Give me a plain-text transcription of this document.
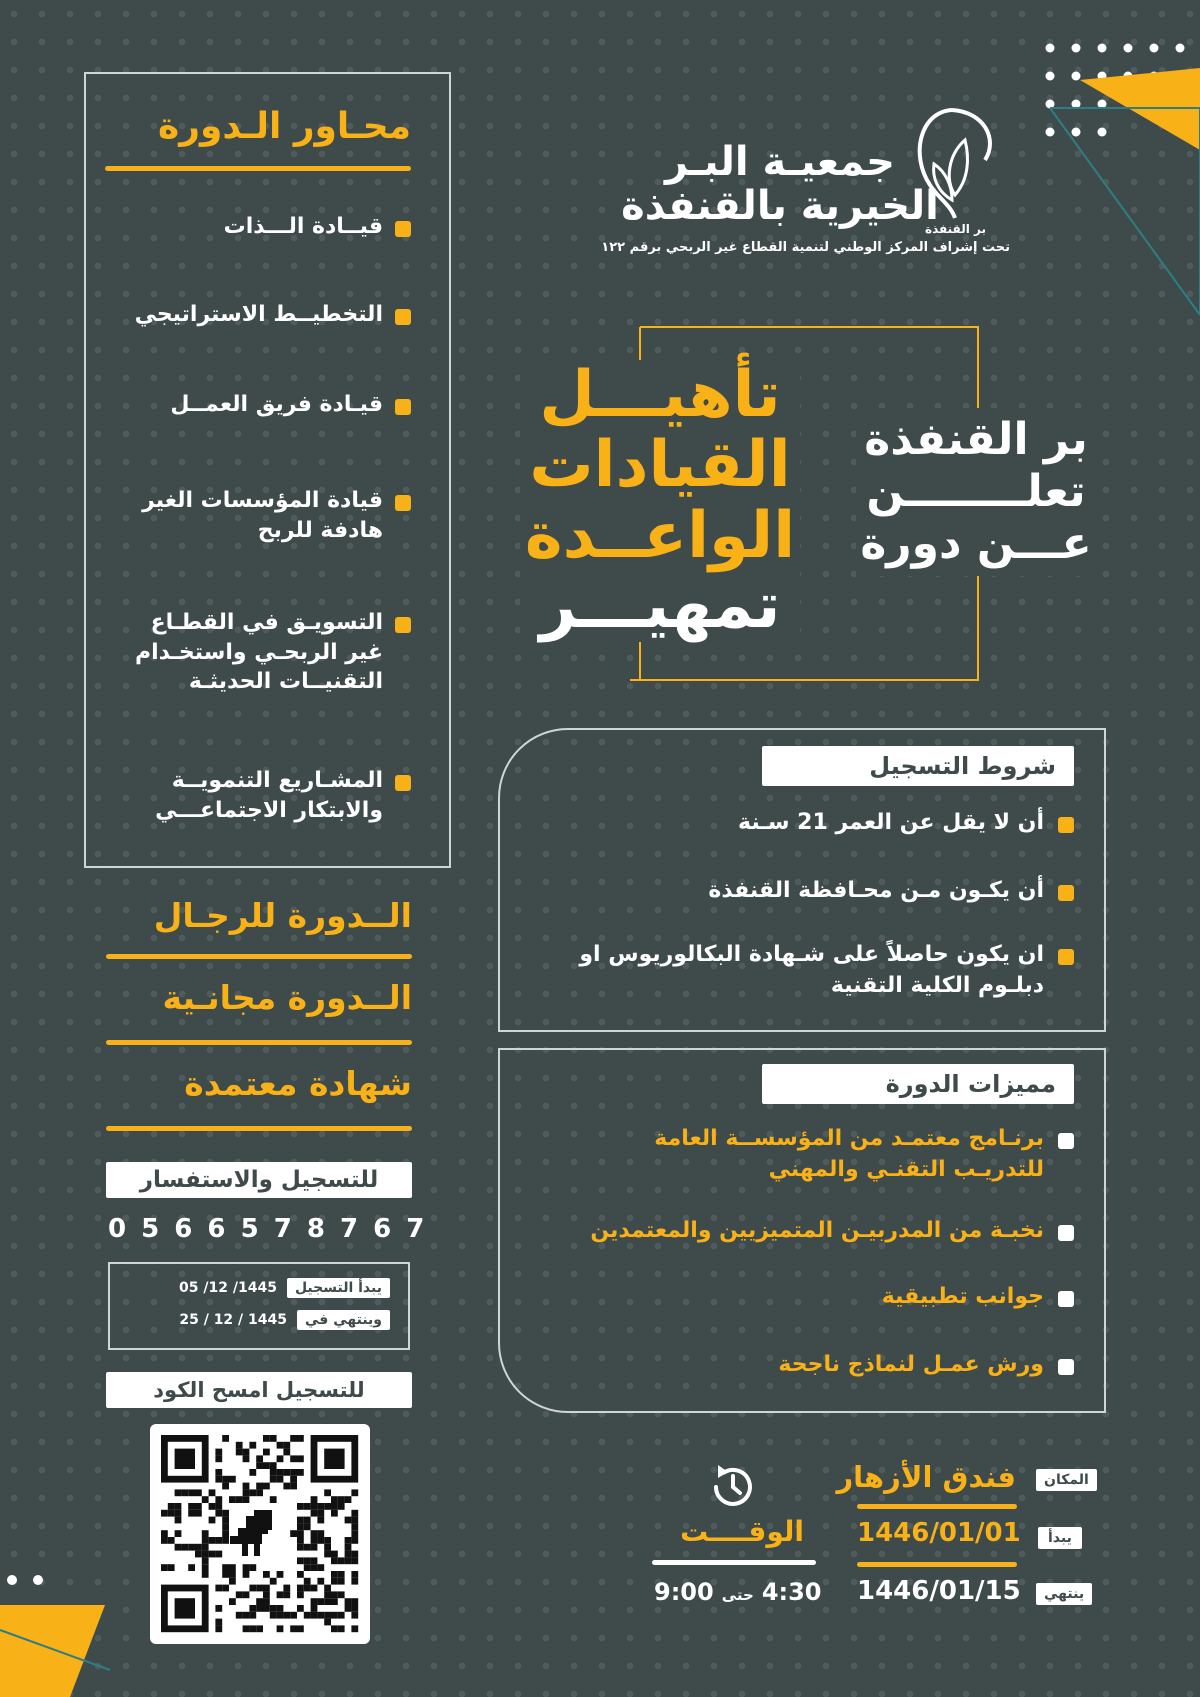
جمعيـة البـر
الخيرية بالقنفذة
بر القنفذة
تحت إشراف المركز الوطني لتنمية القطاع غير الربحي برقم ١٢٢
بر القنفذة
تعلــــــــن
عـــن دورة
تأهيـــل
القيادات
الواعــدة
تمهيـــر
محـاور الـدورة
قيــادة الـــذات
التخطيــط الاستراتيجي
قيـادة فريق العمــل
قيادة المؤسسات الغير هادفة للربح
التسويـق في القطـاع غير الربحـي واستخـدام التقنيــات الحديثـة
المشـاريع التنمويــة والابتكار الاجتماعـــي
الــدورة للرجـال
الــدورة مجانـية
شهادة معتمدة
للتسجيل والاستفسار
0 5 6 6 5 7 8 7 6 7
يبدأ التسجيل
05 /12 /1445
وينتهي في
25 / 12 / 1445
للتسجيل امسح الكود
شروط التسجيل
أن لا يقل عن العمر 21 سـنة
أن يكـون مـن محـافظة القنفذة
ان يكون حاصلاً على شـهادة البكالوريوس او دبلـوم الكلية التقنية
مميزات الدورة
برنـامج معتمـد من المؤسســة العامة للتدريـب التقنـي والمهني
نخبـة من المدربيـن المتميزيين والمعتمدين
جوانب تطبيقية
ورش عمـل لنماذج ناجحة
المكان
فندق الأزهار
يبدأ
1446/01/01
ينتهي
1446/01/15
الوقــــت
4:30
حتى
9:00
